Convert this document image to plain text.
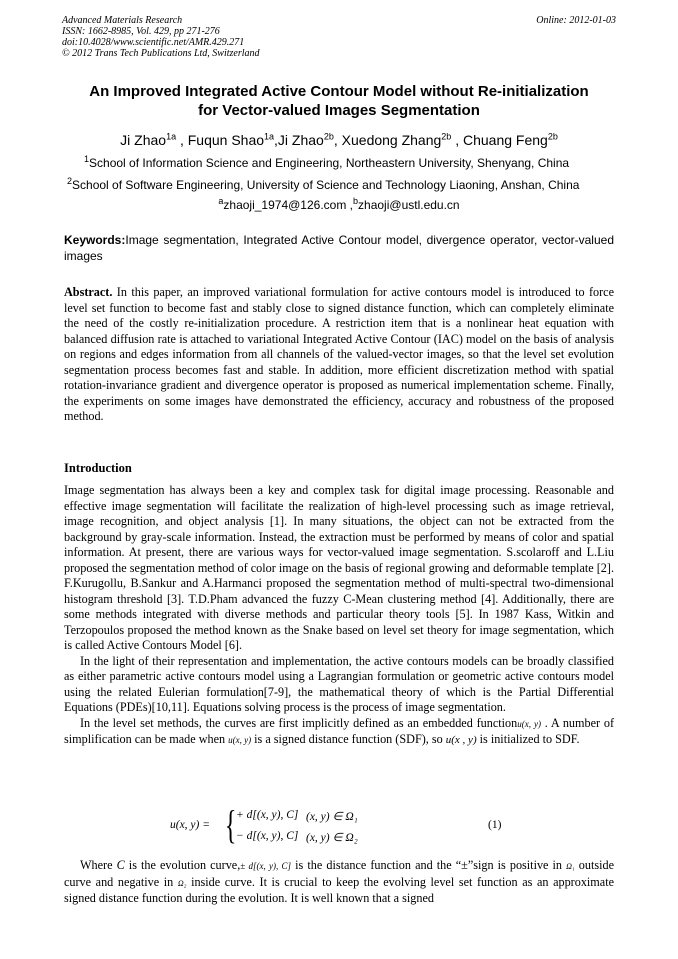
Advanced Materials Research
ISSN: 1662-8985, Vol. 429, pp 271-276
doi:10.4028/www.scientific.net/AMR.429.271
© 2012 Trans Tech Publications Ltd, Switzerland
Online: 2012-01-03
An Improved Integrated Active Contour Model without Re-initialization
for Vector-valued Images Segmentation
Ji Zhao$^{1a}$ , Fuqun Shao$^{1a}$,Ji Zhao$^{2b}$, Xuedong Zhang$^{2b}$ , Chuang Feng$^{2b}$
$^1$School of Information Science and Engineering, Northeastern University, Shenyang, China
$^2$School of Software Engineering, University of Science and Technology Liaoning, Anshan, China
$^a$zhaoji_1974@126.com ,$^b$zhaoji@ustl.edu.cn
Keywords:Image segmentation, Integrated Active Contour model, divergence operator, vector-valued images
Abstract. In this paper, an improved variational formulation for active contours model is introduced to force level set function to become fast and stably close to signed distance function, which can completely eliminate the need of the costly re-initialization procedure. A restriction item that is a nonlinear heat equation with balanced diffusion rate is attached to variational Integrated Active Contour (IAC) model on the basis of analysis on regions and edges information from all channels of the valued-vector images, so that the level set evolution segmentation process becomes fast and stable. In addition, more efficient discretization method with spatial rotation-invariance gradient and divergence operator is proposed as numerical implementation scheme. Finally, the experiments on some images have demonstrated the efficiency, accuracy and robustness of the proposed method.
Introduction

Image segmentation has always been a key and complex task for digital image processing. Reasonable and effective image segmentation will facilitate the realization of high-level processing such as image retrieval, image recognition, and object analysis [1]. In many situations, the object can not be extracted from the background by gray-scale information. Instead, the extraction must be performed by means of color and spatial information. At present, there are various ways for vector-valued image segmentation. S.scolaroff and L.Liu proposed the segmentation method of color image on the basis of regional growing and deformable template [2]. F.Kurugollu, B.Sankur and A.Harmanci proposed the segmentation method of multi-spectral two-dimensional histogram threshold [3]. T.D.Pham advanced the fuzzy C-Mean clustering method [4]. Additionally, there are some methods integrated with diverse methods and particular theory tools [5]. In 1987 Kass, Witkin and Terzopoulos proposed the method known as the Snake based on level set theory for image segmentation, which is called Active Contours Model [6].

In the light of their representation and implementation, the active contours models can be broadly classified as either parametric active contours model using a Lagrangian formulation or geometric active contours model using the related Eulerian formulation[7-9], the mathematical theory of which is the Partial Differential Equations (PDEs)[10,11]. Equations solving process is the process of image segmentation.

In the level set methods, the curves are first implicitly defined as an embedded functionu(x, y) . A number of simplification can be made when u(x, y) is a signed distance function (SDF), so u(x , y) is initialized to SDF.

u(x, y) = { + d[(x, y), C]
− d[(x, y), C]
(x, y) ∈ Ω₁
(x, y) ∈ Ω₂
(1)
Where C is the evolution curve,± d[(x, y), C] is the distance function and the “±”sign is positive in Ω₁ outside curve and negative in Ω₂ inside curve. It is crucial to keep the evolving level set function as an approximate signed distance function during the evolution. It is well known that a signed
